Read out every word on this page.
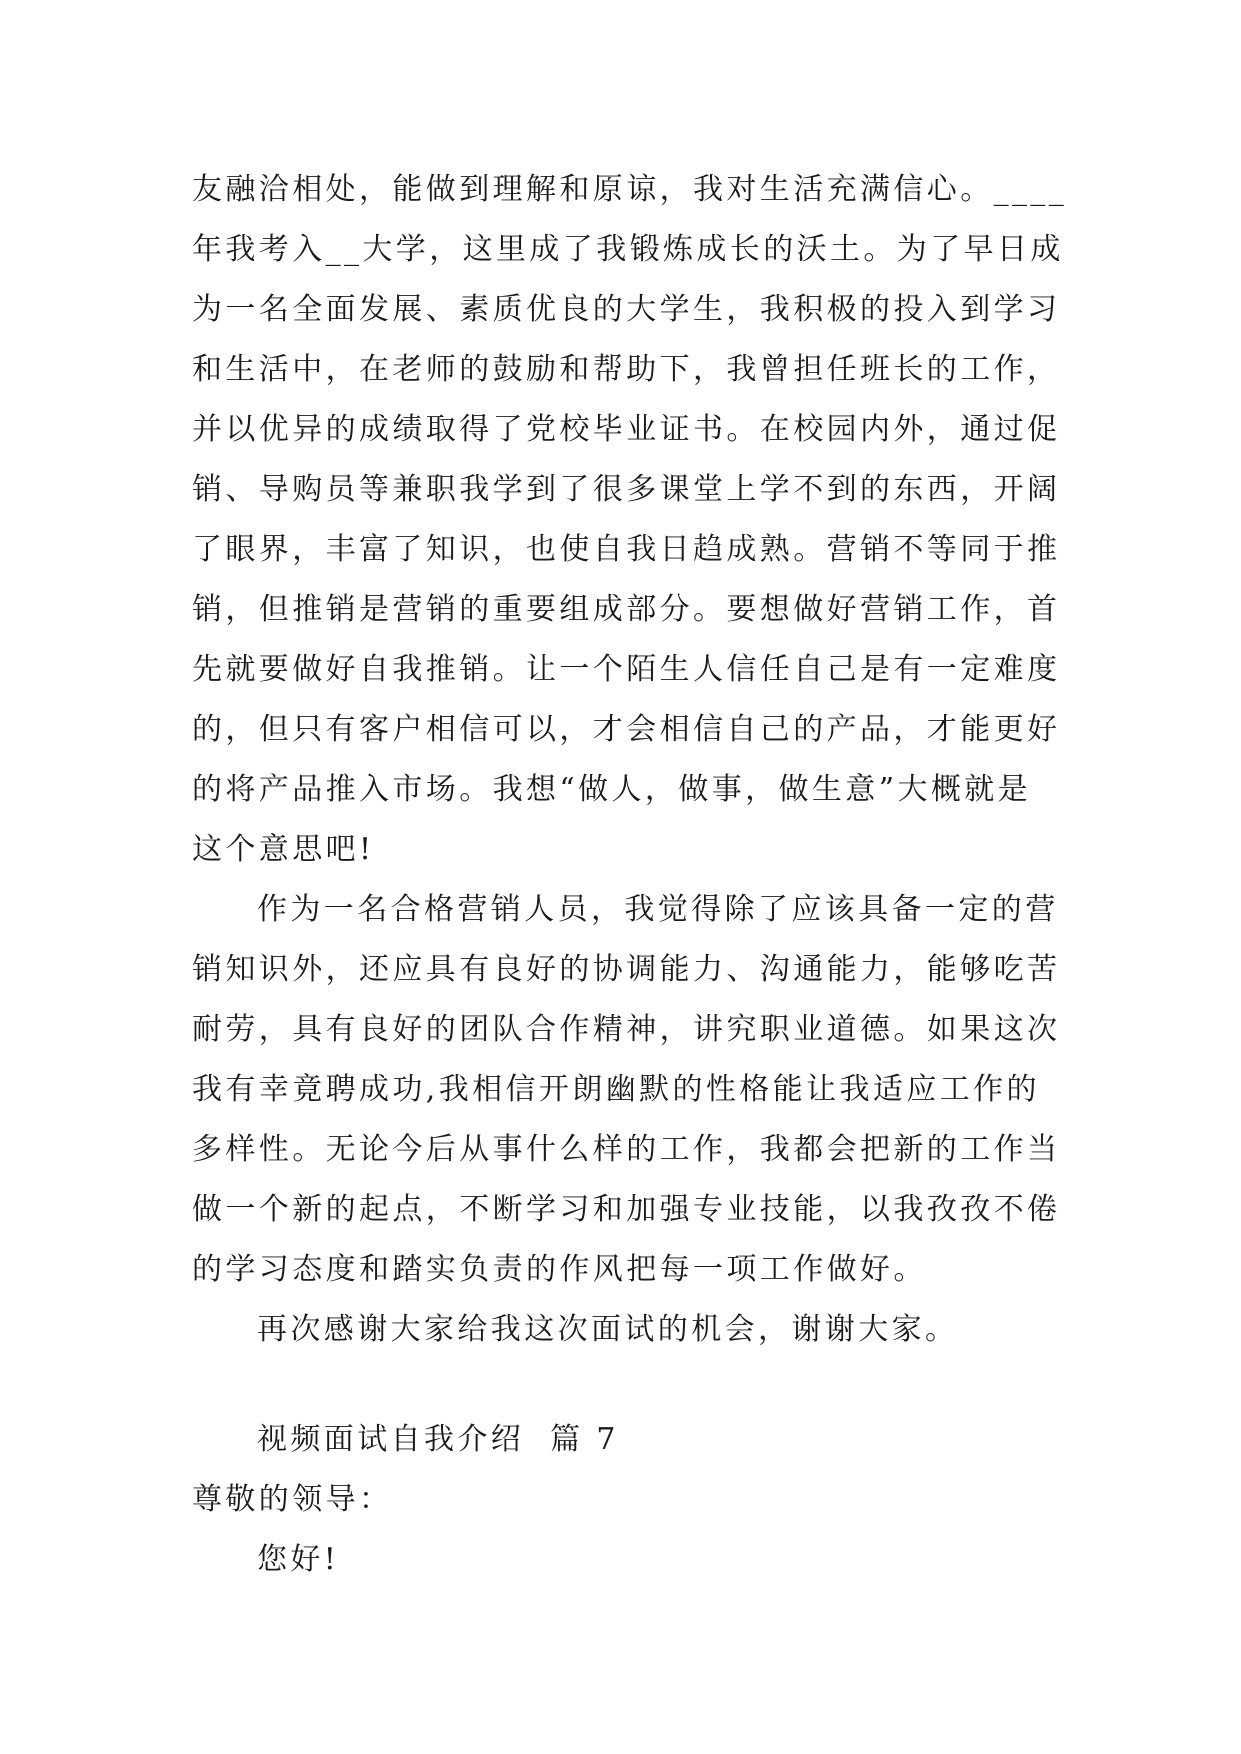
友融洽相处，能做到理解和原谅，我对生活充满信心。____
年我考入__大学，这里成了我锻炼成长的沃土。为了早日成
为一名全面发展、素质优良的大学生，我积极的投入到学习
和生活中，在老师的鼓励和帮助下，我曾担任班长的工作，
并以优异的成绩取得了党校毕业证书。在校园内外，通过促
销、导购员等兼职我学到了很多课堂上学不到的东西，开阔
了眼界，丰富了知识，也使自我日趋成熟。营销不等同于推
销，但推销是营销的重要组成部分。要想做好营销工作，首
先就要做好自我推销。让一个陌生人信任自己是有一定难度
的，但只有客户相信可以，才会相信自己的产品，才能更好
的将产品推入市场。我想“做人，做事，做生意”大概就是
这个意思吧!
作为一名合格营销人员，我觉得除了应该具备一定的营
销知识外，还应具有良好的协调能力、沟通能力，能够吃苦
耐劳，具有良好的团队合作精神，讲究职业道德。如果这次
我有幸竟聘成功,我相信开朗幽默的性格能让我适应工作的
多样性。无论今后从事什么样的工作，我都会把新的工作当
做一个新的起点，不断学习和加强专业技能，以我孜孜不倦
的学习态度和踏实负责的作风把每一项工作做好。
再次感谢大家给我这次面试的机会，谢谢大家。
视频面试自我介绍  篇 7
尊敬的领导：
您好!
